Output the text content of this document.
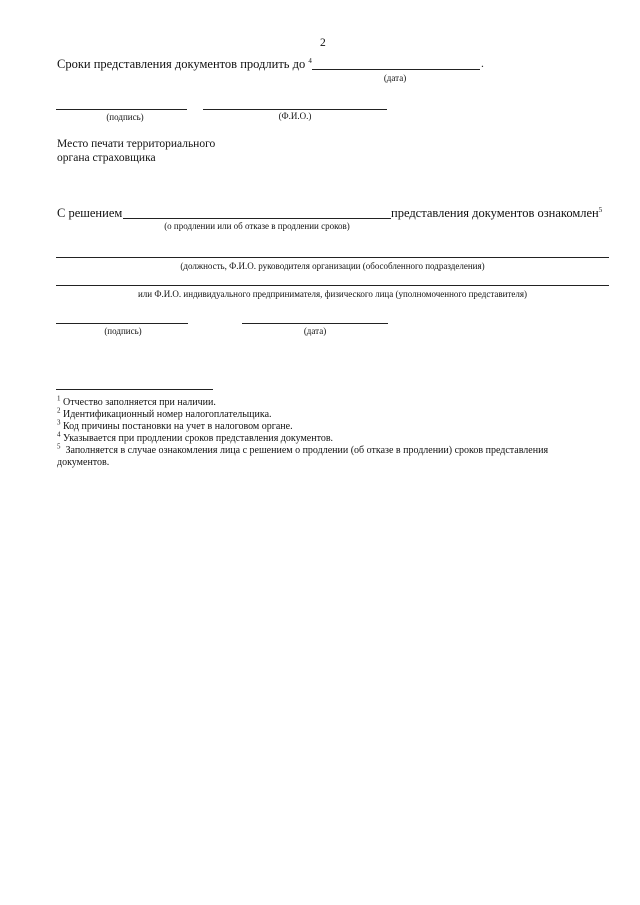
2
Сроки представления документов продлить до $^4$	.
(дата)
(подпись)	(Ф.И.О.)
Место печати территориального
органа страховщика
С решением	представления документов ознакомлен$^5$
(о продлении или об отказе в продлении сроков)
(должность, Ф.И.О. руководителя организации (обособленного подразделения)
или Ф.И.О. индивидуального предпринимателя, физического лица (уполномоченного представителя)
(подпись)	(дата)
$^1$ Отчество заполняется при наличии.
$^2$ Идентификационный номер налогоплательщика.
$^3$ Код причины постановки на учет в налоговом органе.
$^4$ Указывается при продлении сроков представления документов.
$^5$ Заполняется в случае ознакомления лица с решением о продлении (об отказе в продлении) сроков представления документов.
